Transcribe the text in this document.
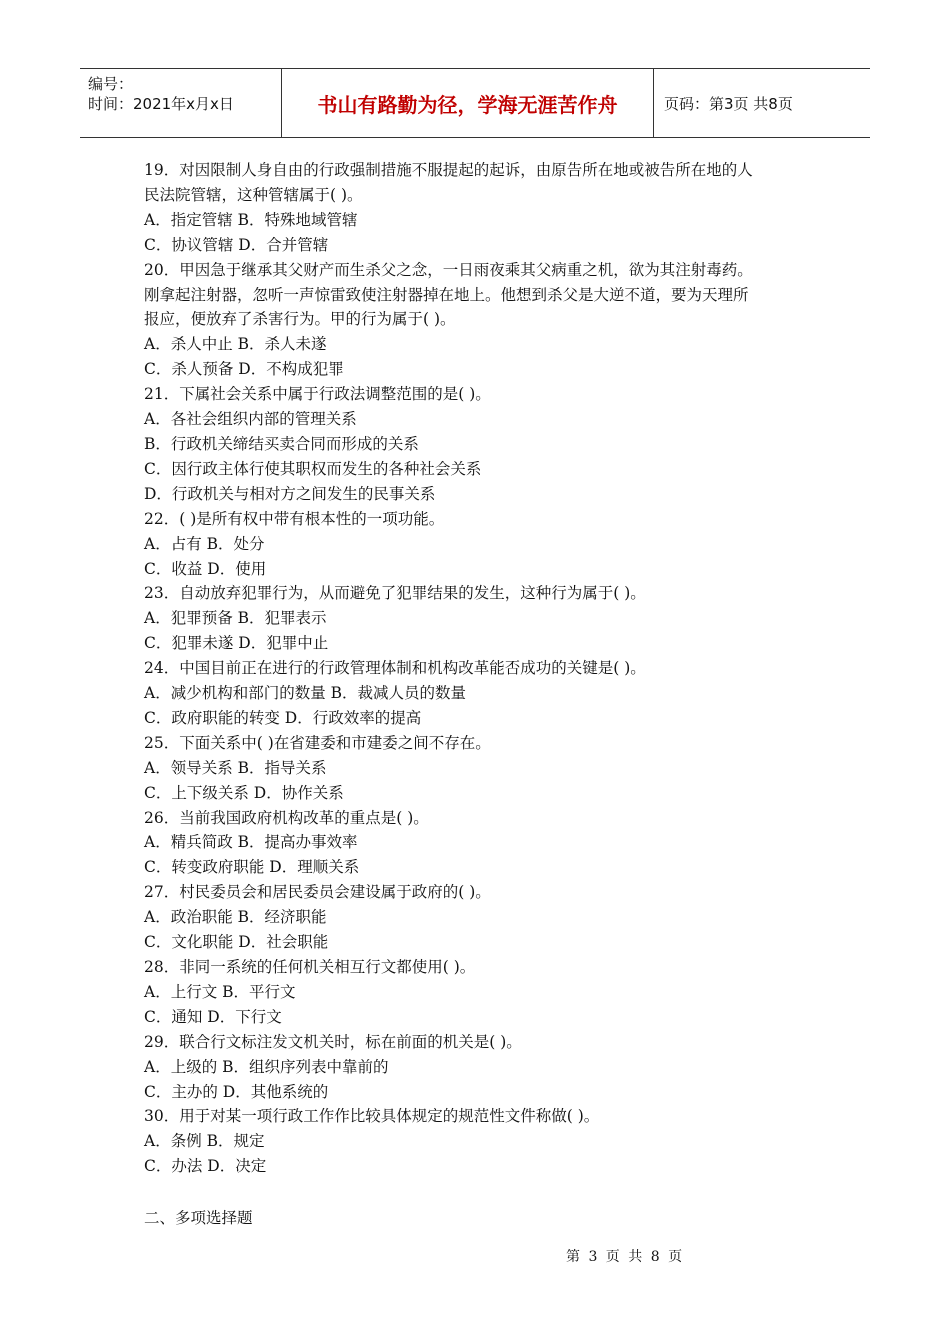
编号：
时间：2021年x月x日	书山有路勤为径，学海无涯苦作舟	页码：第3页 共8页

19．对因限制人身自由的行政强制措施不服提起的起诉，由原告所在地或被告所在地的人

民法院管辖，这种管辖属于( )。

A．指定管辖 B．特殊地域管辖

C．协议管辖 D．合并管辖

20．甲因急于继承其父财产而生杀父之念，一日雨夜乘其父病重之机，欲为其注射毒药。

刚拿起注射器，忽听一声惊雷致使注射器掉在地上。他想到杀父是大逆不道，要为天理所

报应，便放弃了杀害行为。甲的行为属于( )。

A．杀人中止 B．杀人未遂

C．杀人预备 D．不构成犯罪

21．下属社会关系中属于行政法调整范围的是( )。

A．各社会组织内部的管理关系

B．行政机关缔结买卖合同而形成的关系

C．因行政主体行使其职权而发生的各种社会关系

D．行政机关与相对方之间发生的民事关系

22．( )是所有权中带有根本性的一项功能。

A．占有 B．处分

C．收益 D．使用

23．自动放弃犯罪行为，从而避免了犯罪结果的发生，这种行为属于( )。

A．犯罪预备 B．犯罪表示

C．犯罪未遂 D．犯罪中止

24．中国目前正在进行的行政管理体制和机构改革能否成功的关键是( )。

A．减少机构和部门的数量 B．裁减人员的数量

C．政府职能的转变 D．行政效率的提高

25．下面关系中( )在省建委和市建委之间不存在。

A．领导关系 B．指导关系

C．上下级关系 D．协作关系

26．当前我国政府机构改革的重点是( )。

A．精兵简政 B．提高办事效率

C．转变政府职能 D．理顺关系

27．村民委员会和居民委员会建设属于政府的( )。

A．政治职能 B．经济职能

C．文化职能 D．社会职能

28．非同一系统的任何机关相互行文都使用( )。

A．上行文 B．平行文

C．通知 D．下行文

29．联合行文标注发文机关时，标在前面的机关是( )。

A．上级的 B．组织序列表中靠前的

C．主办的 D．其他系统的

30．用于对某一项行政工作作比较具体规定的规范性文件称做( )。

A．条例 B．规定

C．办法 D．决定

二、多项选择题
第 3 页 共 8 页
